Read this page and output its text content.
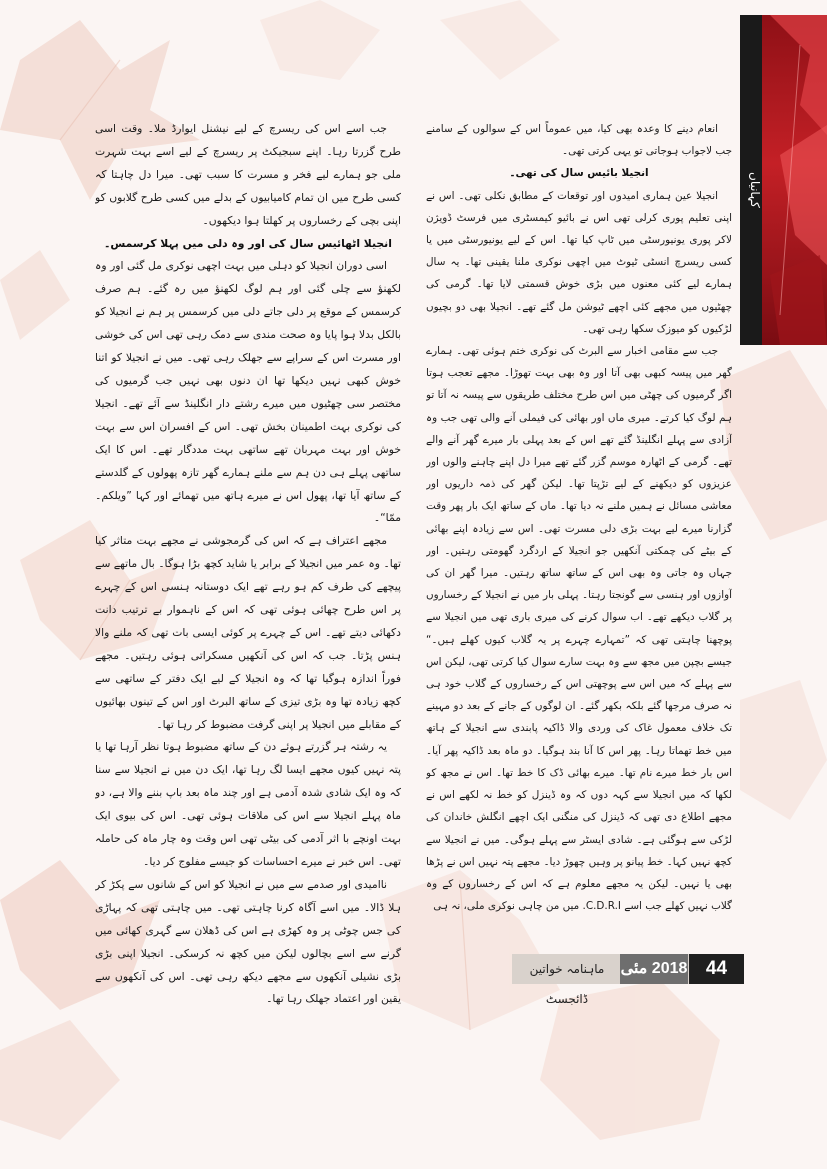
کہانیاں

انعام دینے کا وعدہ بھی کیا، میں عموماً اس کے سوالوں کے سامنے جب لاجواب ہوجاتی تو یہی کرتی تھی۔

انجیلا بائیس سال کی تھی۔

انجیلا عین ہماری امیدوں اور توقعات کے مطابق نکلی تھی۔ اس نے اپنی تعلیم پوری کرلی تھی اس نے بائیو کیمسٹری میں فرسٹ ڈویژن لاکر پوری یونیورسٹی میں ٹاپ کیا تھا۔ اس کے لیے یونیورسٹی میں یا کسی ریسرچ انسٹی ٹیوٹ میں اچھی نوکری ملنا یقینی تھا۔ یہ سال ہمارے لیے کئی معنوں میں بڑی خوش قسمتی لایا تھا۔ گرمی کی چھٹیوں میں مجھے کئی اچھے ٹیوشن مل گئے تھے۔ انجیلا بھی دو بچیوں لڑکیوں کو میوزک سکھا رہی تھی۔

جب سے مقامی اخبار سے البرٹ کی نوکری ختم ہوئی تھی۔ ہمارے گھر میں پیسہ کبھی بھی آتا اور وہ بھی بہت تھوڑا۔ مجھے تعجب ہوتا اگر گرمیوں کی چھٹی میں اس طرح مختلف طریقوں سے پیسہ نہ آتا تو ہم لوگ کیا کرتے۔ میری ماں اور بھائی کی فیملی آنے والی تھی جب وہ آزادی سے پہلے انگلینڈ گئے تھے اس کے بعد پہلی بار میرے گھر آنے والے تھے۔ گرمی کے اٹھارہ موسم گزر گئے تھے میرا دل اپنے چاہنے والوں اور عزیزوں کو دیکھنے کے لیے تڑپتا تھا۔ لیکن گھر کی ذمہ داریوں اور معاشی مسائل نے ہمیں ملنے نہ دیا تھا۔ ماں کے ساتھ ایک بار پھر وقت گزارنا میرے لیے بہت بڑی دلی مسرت تھی۔ اس سے زیادہ اپنے بھائی کے بیٹے کی چمکتی آنکھیں جو انجیلا کے اردگرد گھومتی رہتیں۔ اور جہاں وہ جاتی وہ بھی اس کے ساتھ ساتھ رہتیں۔ میرا گھر ان کی آوازوں اور ہنسی سے گونجتا رہتا۔ پہلی بار میں نے انجیلا کے رخساروں پر گلاب دیکھے تھے۔ اب سوال کرنے کی میری باری تھی میں انجیلا سے پوچھنا چاہتی تھی کہ ”تمہارے چہرے پر یہ گلاب کیوں کھلے ہیں۔“ جیسے بچپن میں مجھ سے وہ بہت سارے سوال کیا کرتی تھی، لیکن اس سے پہلے کہ میں اس سے پوچھتی اس کے رخساروں کے گلاب خود ہی نہ صرف مرجھا گئے بلکہ بکھر گئے۔ ان لوگوں کے جانے کے بعد دو مہینے تک خلاف معمول غاک کی وردی والا ڈاکیہ پابندی سے انجیلا کے ہاتھ میں خط تھماتا رہا۔ پھر اس کا آنا بند ہوگیا۔ دو ماہ بعد ڈاکیہ پھر آیا۔ اس بار خط میرے نام تھا۔ میرے بھائی ڈک کا خط تھا۔ اس نے مجھ کو لکھا کہ میں انجیلا سے کہہ دوں کہ وہ ڈینزل کو خط نہ لکھے اس نے مجھے اطلاع دی تھی کہ ڈینزل کی منگنی ایک اچھے انگلش خاندان کی لڑکی سے ہوگئی ہے۔ شادی ایسٹر سے پہلے ہوگی۔ میں نے انجیلا سے کچھ نہیں کہا۔ خط پیانو پر وہیں چھوڑ دیا۔ مجھے پتہ نہیں اس نے پڑھا بھی یا نہیں۔ لیکن یہ مجھے معلوم ہے کہ اس کے رخساروں کے وہ گلاب نہیں کھلے جب اسے C.D.R.I. میں من چاہی نوکری ملی، نہ ہی

جب اسے اس کی ریسرچ کے لیے نیشنل ایوارڈ ملا۔ وقت اسی طرح گزرتا رہا۔ اپنے سبجیکٹ پر ریسرچ کے لیے اسے بہت شہرت ملی جو ہمارے لیے فخر و مسرت کا سبب تھی۔ میرا دل چاہتا کہ کسی طرح میں ان تمام کامیابیوں کے بدلے میں کسی طرح گلابوں کو اپنی بچی کے رخساروں پر کھلتا ہوا دیکھوں۔

انجیلا اٹھائیس سال کی اور وہ دلی میں پہلا کرسمس۔

اسی دوران انجیلا کو دہلی میں بہت اچھی نوکری مل گئی اور وہ لکھنؤ سے چلی گئی اور ہم لوگ لکھنؤ میں رہ گئے۔ ہم صرف کرسمس کے موقع پر دلی جاتے دلی میں کرسمس پر ہم نے انجیلا کو بالکل بدلا ہوا پایا وہ صحت مندی سے دمک رہی تھی اس کی خوشی اور مسرت اس کے سراپے سے جھلک رہی تھی۔ میں نے انجیلا کو اتنا خوش کبھی نہیں دیکھا تھا ان دنوں بھی نہیں جب گرمیوں کی مختصر سی چھٹیوں میں میرے رشتے دار انگلینڈ سے آئے تھے۔ انجیلا کی نوکری بہت اطمینان بخش تھی۔ اس کے افسران اس سے بہت خوش اور بہت مہربان تھے ساتھی بہت مددگار تھے۔ اس کا ایک ساتھی پہلے ہی دن ہم سے ملنے ہمارے گھر تازہ پھولوں کے گلدستے کے ساتھ آیا تھا، پھول اس نے میرے ہاتھ میں تھمائے اور کہا ”ویلکم۔ ممّا“۔

مجھے اعتراف ہے کہ اس کی گرمجوشی نے مجھے بہت متاثر کیا تھا۔ وہ عمر میں انجیلا کے برابر یا شاید کچھ بڑا ہوگا۔ بال ماتھے سے پیچھے کی طرف کم ہو رہے تھے ایک دوستانہ ہنسی اس کے چہرے پر اس طرح چھائی ہوئی تھی کہ اس کے ناہموار بے ترتیب دانت دکھائی دیتے تھے۔ اس کے چہرے پر کوئی ایسی بات تھی کہ ملنے والا ہنس پڑتا۔ جب کہ اس کی آنکھیں مسکراتی ہوئی رہتیں۔ مجھے فوراً اندازہ ہوگیا تھا کہ وہ انجیلا کے لیے ایک دفتر کے ساتھی سے کچھ زیادہ تھا وہ بڑی تیزی کے ساتھ البرٹ اور اس کے تینوں بھائیوں کے مقابلے میں انجیلا پر اپنی گرفت مضبوط کر رہا تھا۔

یہ رشتہ ہر گزرتے ہوئے دن کے ساتھ مضبوط ہوتا نظر آرہا تھا یا پتہ نہیں کیوں مجھے ایسا لگ رہا تھا، ایک دن میں نے انجیلا سے سنا کہ وہ ایک شادی شدہ آدمی ہے اور چند ماہ بعد باپ بننے والا ہے، دو ماہ پہلے انجیلا سے اس کی ملاقات ہوئی تھی۔ اس کی بیوی ایک بہت اونچے با اثر آدمی کی بیٹی تھی اس وقت وہ چار ماہ کی حاملہ تھی۔ اس خبر نے میرے احساسات کو جیسے مفلوج کر دیا۔

ناامیدی اور صدمے سے میں نے انجیلا کو اس کے شانوں سے پکڑ کر ہلا ڈالا۔ میں اسے آگاہ کرنا چاہتی تھی۔ میں چاہتی تھی کہ پہاڑی کی جس چوٹی پر وہ کھڑی ہے اس کی ڈھلان سے گہری کھائی میں گرنے سے اسے بچالوں لیکن میں کچھ نہ کرسکی۔ انجیلا اپنی بڑی بڑی نشیلی آنکھوں سے مجھے دیکھ رہی تھی۔ اس کی آنکھوں سے یقین اور اعتماد جھلک رہا تھا۔

ماہنامہ خواتین ڈائجسٹ
2018 مئی 44
